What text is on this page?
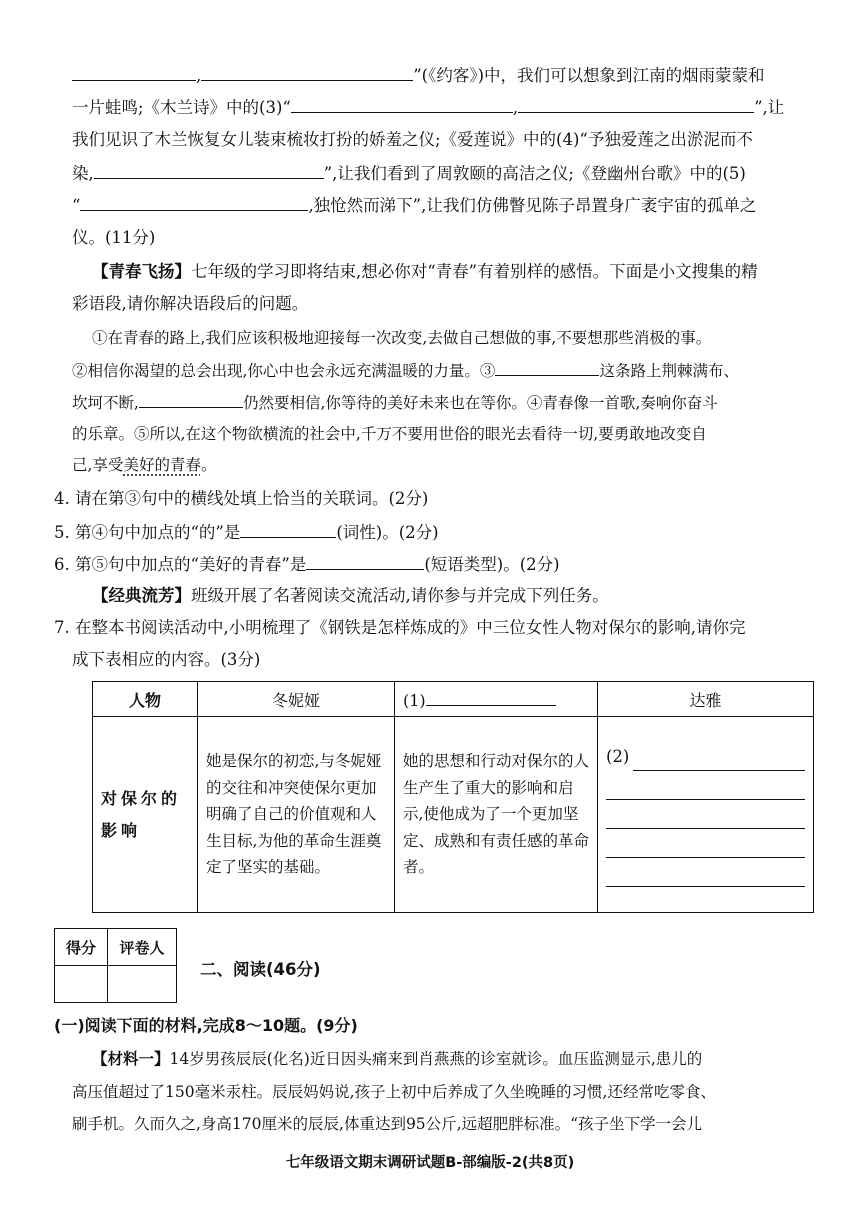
,	”(《约客》)中，我们可以想象到江南的烟雨蒙蒙和
一片蛙鸣;《木兰诗》中的(3)“	,	”,让
我们见识了木兰恢复女儿装束梳妆打扮的娇羞之仪;《爱莲说》中的(4)“予独爱莲之出淤泥而不
染,	”,让我们看到了周敦颐的高洁之仪;《登幽州台歌》中的(5)
“	,独怆然而涕下”,让我们仿佛瞥见陈子昂置身广袤宇宙的孤单之
仪。(11分)
【青春飞扬】七年级的学习即将结束,想必你对“青春”有着别样的感悟。下面是小文搜集的精
彩语段,请你解决语段后的问题。
①在青春的路上,我们应该积极地迎接每一次改变,去做自己想做的事,不要想那些消极的事。
②相信你渴望的总会出现,你心中也会永远充满温暖的力量。③	这条路上荆棘满布、
坎坷不断,	仍然要相信,你等待的美好未来也在等你。④青春像一首歌,奏响你奋斗
的乐章。⑤所以,在这个物欲横流的社会中,千万不要用世俗的眼光去看待一切,要勇敢地改变自
己,享受美好的青春。
4. 请在第③句中的横线处填上恰当的关联词。(2分)
5. 第④句中加点的“的”是	(词性)。(2分)
6. 第⑤句中加点的“美好的青春”是	(短语类型)。(2分)
【经典流芳】班级开展了名著阅读交流活动,请你参与并完成下列任务。
7. 在整本书阅读活动中,小明梳理了《钢铁是怎样炼成的》中三位女性人物对保尔的影响,请你完
成下表相应的内容。(3分)
人物	冬妮娅	(1)	达雅

对保尔的影响	她是保尔的初恋,与冬妮娅的交往和冲突使保尔更加明确了自己的价值观和人生目标,为他的革命生涯奠定了坚实的基础。	她的思想和行动对保尔的人生产生了重大的影响和启示,使他成为了一个更加坚定、成熟和有责任感的革命者。	(2)
得分	评卷人

二、阅读(46分)
(一)阅读下面的材料,完成8～10题。(9分)
【材料一】14岁男孩辰辰(化名)近日因头痛来到肖燕燕的诊室就诊。血压监测显示,患儿的
高压值超过了150毫米汞柱。辰辰妈妈说,孩子上初中后养成了久坐晚睡的习惯,还经常吃零食、
刷手机。久而久之,身高170厘米的辰辰,体重达到95公斤,远超肥胖标准。“孩子坐下学一会儿
七年级语文期末调研试题B-部编版-2(共8页)
